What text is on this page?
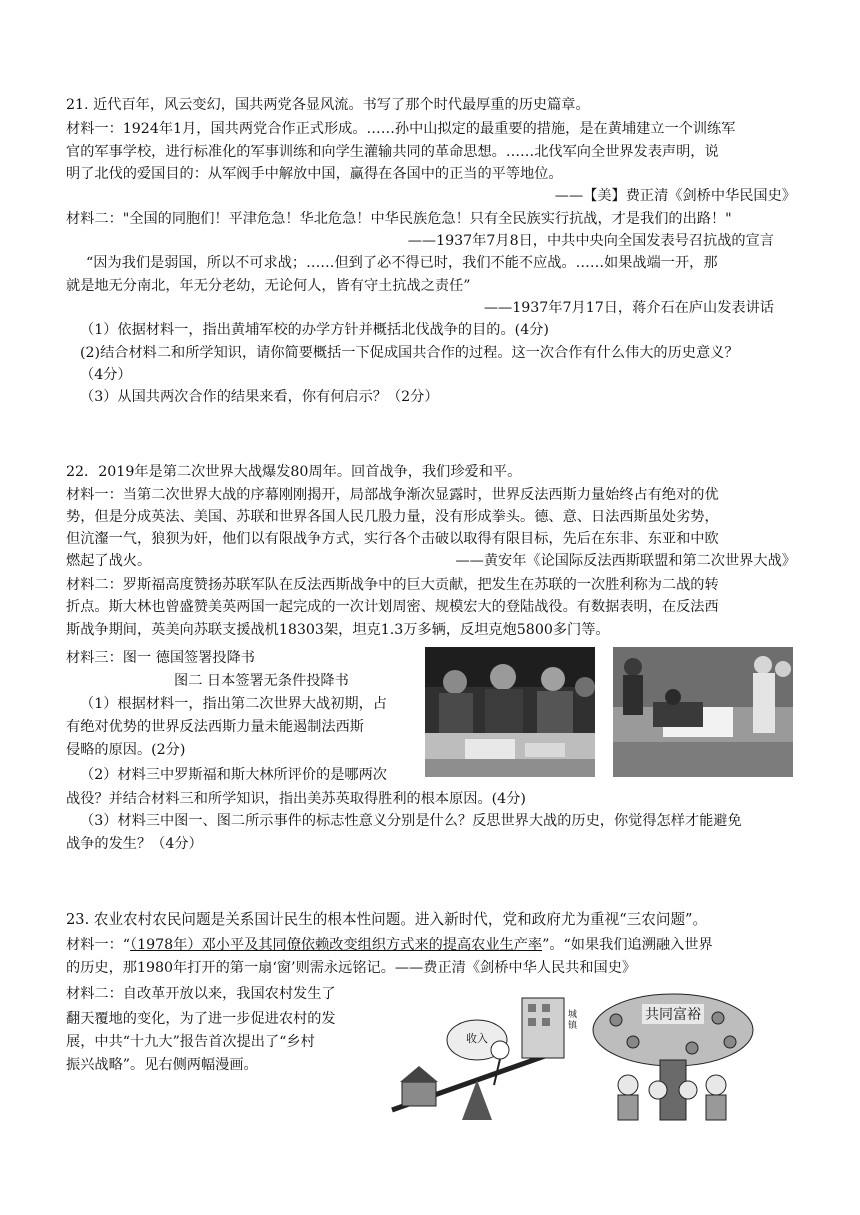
21. 近代百年，风云变幻，国共两党各显风流。书写了那个时代最厚重的历史篇章。
材料一：1924年1月，国共两党合作正式形成。……孙中山拟定的最重要的措施，是在黄埔建立一个训练军
官的军事学校，进行标准化的军事训练和向学生灌输共同的革命思想。……北伐军向全世界发表声明，说
明了北伐的爱国目的：从军阀手中解放中国，赢得在各国中的正当的平等地位。
——【美】费正清《剑桥中华民国史》
材料二："全国的同胞们！平津危急！华北危急！中华民族危急！只有全民族实行抗战，才是我们的出路！"
——1937年7月8日，中共中央向全国发表号召抗战的宣言
“因为我们是弱国，所以不可求战；……但到了必不得已时，我们不能不应战。……如果战端一开，那
就是地无分南北，年无分老幼，无论何人，皆有守土抗战之责任”
——1937年7月17日，蒋介石在庐山发表讲话
（1）依据材料一，指出黄埔军校的办学方针并概括北伐战争的目的。(4分)
(2)结合材料二和所学知识，请你简要概括一下促成国共合作的过程。这一次合作有什么伟大的历史意义？
（4分）
（3）从国共两次合作的结果来看，你有何启示？（2分）
22．2019年是第二次世界大战爆发80周年。回首战争，我们珍爱和平。
材料一：当第二次世界大战的序幕刚刚揭开，局部战争渐次显露时，世界反法西斯力量始终占有绝对的优
势，但是分成英法、美国、苏联和世界各国人民几股力量，没有形成拳头。德、意、日法西斯虽处劣势，
但沆瀣一气，狼狈为奸，他们以有限战争方式，实行各个击破以取得有限目标，先后在东非、东亚和中欧
燃起了战火。	——黄安年《论国际反法西斯联盟和第二次世界大战》
材料二：罗斯福高度赞扬苏联军队在反法西斯战争中的巨大贡献，把发生在苏联的一次胜利称为二战的转
折点。斯大林也曾盛赞美英两国一起完成的一次计划周密、规模宏大的登陆战役。有数据表明，在反法西
斯战争期间，英美向苏联支援战机18303架，坦克1.3万多辆，反坦克炮5800多门等。
材料三：图一 德国签署投降书
图二 日本签署无条件投降书
（1）根据材料一，指出第二次世界大战初期，占
有绝对优势的世界反法西斯力量未能遏制法西斯
侵略的原因。(2分)
（2）材料三中罗斯福和斯大林所评价的是哪两次
战役？并结合材料三和所学知识，指出美苏英取得胜利的根本原因。(4分)
（3）材料三中图一、图二所示事件的标志性意义分别是什么？反思世界大战的历史，你觉得怎样才能避免
战争的发生？（4分）
23. 农业农村农民问题是关系国计民生的根本性问题。进入新时代，党和政府尤为重视“三农问题”。
材料一：“（1978年）邓小平及其同僚依赖改变组织方式来的提高农业生产率”。“如果我们追溯融入世界
的历史，那1980年打开的第一扇‘窗’则需永远铭记。——费正清《剑桥中华人民共和国史》
材料二：自改革开放以来，我国农村发生了
翻天覆地的变化，为了进一步促进农村的发
展，中共“十九大”报告首次提出了“乡村
振兴战略”。见右侧两幅漫画。
收入
城镇
共同富裕
